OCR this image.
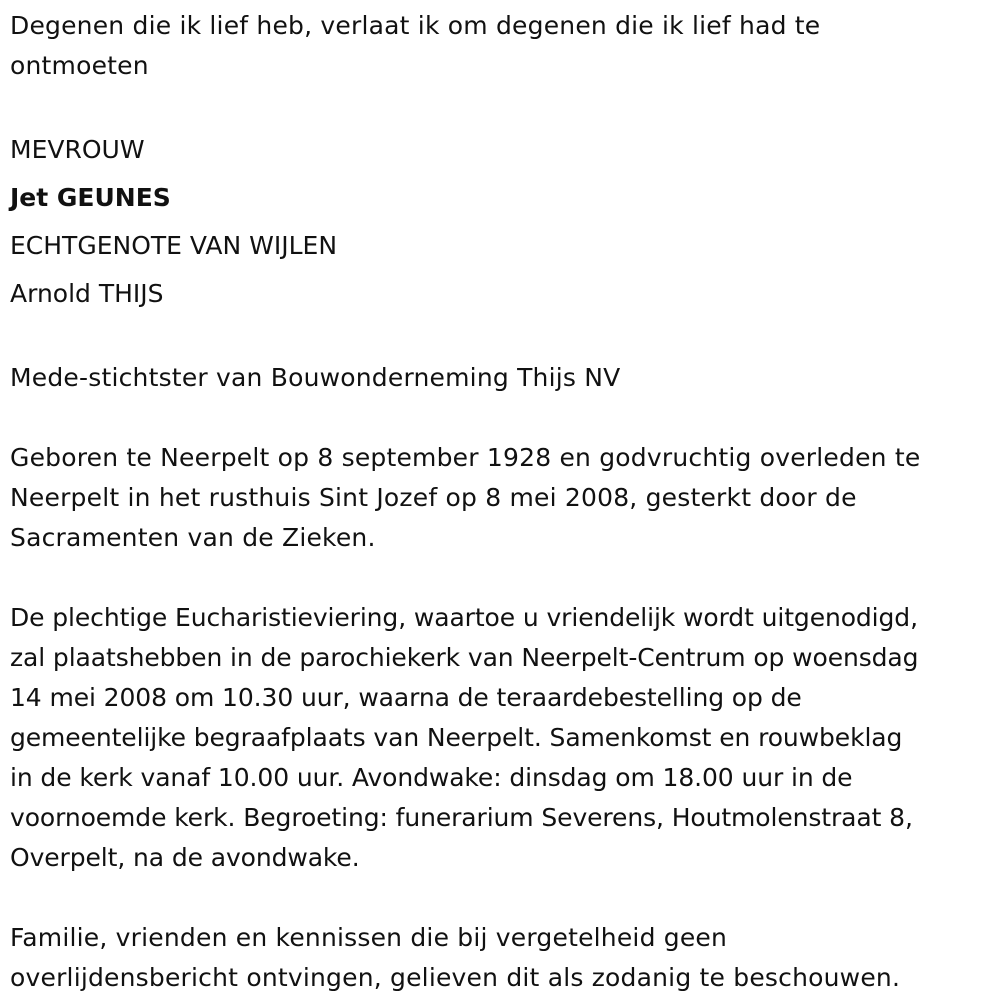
Degenen die ik lief heb, verlaat ik om degenen die ik lief had te
ontmoeten

MEVROUW
Jet GEUNES
ECHTGENOTE VAN WIJLEN
Arnold THIJS

Mede-stichtster van Bouwonderneming Thijs NV

Geboren te Neerpelt op 8 september 1928 en godvruchtig overleden te
Neerpelt in het rusthuis Sint Jozef op 8 mei 2008, gesterkt door de
Sacramenten van de Zieken.

De plechtige Eucharistieviering, waartoe u vriendelijk wordt uitgenodigd,
zal plaatshebben in de parochiekerk van Neerpelt-Centrum op woensdag
14 mei 2008 om 10.30 uur, waarna de teraardebestelling op de
gemeentelijke begraafplaats van Neerpelt. Samenkomst en rouwbeklag
in de kerk vanaf 10.00 uur. Avondwake: dinsdag om 18.00 uur in de
voornoemde kerk. Begroeting: funerarium Severens, Houtmolenstraat 8,
Overpelt, na de avondwake.

Familie, vrienden en kennissen die bij vergetelheid geen
overlijdensbericht ontvingen, gelieven dit als zodanig te beschouwen.
